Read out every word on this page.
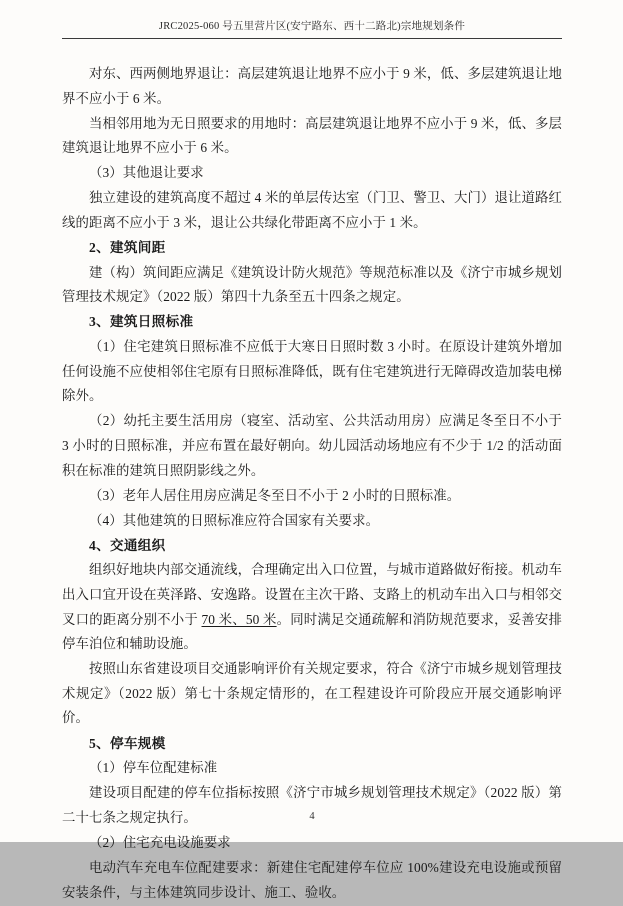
JRC2025-060 号五里营片区(安宁路东、西十二路北)宗地规划条件

对东、西两侧地界退让：高层建筑退让地界不应小于 9 米，低、多层建筑退让地界不应小于 6 米。

当相邻用地为无日照要求的用地时：高层建筑退让地界不应小于 9 米，低、多层建筑退让地界不应小于 6 米。

（3）其他退让要求

独立建设的建筑高度不超过 4 米的单层传达室（门卫、警卫、大门）退让道路红线的距离不应小于 3 米，退让公共绿化带距离不应小于 1 米。

2、建筑间距

建（构）筑间距应满足《建筑设计防火规范》等规范标准以及《济宁市城乡规划管理技术规定》（2022 版）第四十九条至五十四条之规定。

3、建筑日照标准

（1）住宅建筑日照标准不应低于大寒日日照时数 3 小时。在原设计建筑外增加任何设施不应使相邻住宅原有日照标准降低，既有住宅建筑进行无障碍改造加装电梯除外。

（2）幼托主要生活用房（寝室、活动室、公共活动用房）应满足冬至日不小于 3 小时的日照标准，并应布置在最好朝向。幼儿园活动场地应有不少于 1/2 的活动面积在标准的建筑日照阴影线之外。

（3）老年人居住用房应满足冬至日不小于 2 小时的日照标准。

（4）其他建筑的日照标准应符合国家有关要求。

4、交通组织

组织好地块内部交通流线，合理确定出入口位置，与城市道路做好衔接。机动车出入口宜开设在英泽路、安逸路。设置在主次干路、支路上的机动车出入口与相邻交叉口的距离分别不小于 70 米、50 米。同时满足交通疏解和消防规范要求，妥善安排停车泊位和辅助设施。

按照山东省建设项目交通影响评价有关规定要求，符合《济宁市城乡规划管理技术规定》（2022 版）第七十条规定情形的，在工程建设许可阶段应开展交通影响评价。

5、停车规模

（1）停车位配建标准

建设项目配建的停车位指标按照《济宁市城乡规划管理技术规定》（2022 版）第二十七条之规定执行。

（2）住宅充电设施要求

电动汽车充电车位配建要求：新建住宅配建停车位应 100%建设充电设施或预留安装条件，与主体建筑同步设计、施工、验收。

4
